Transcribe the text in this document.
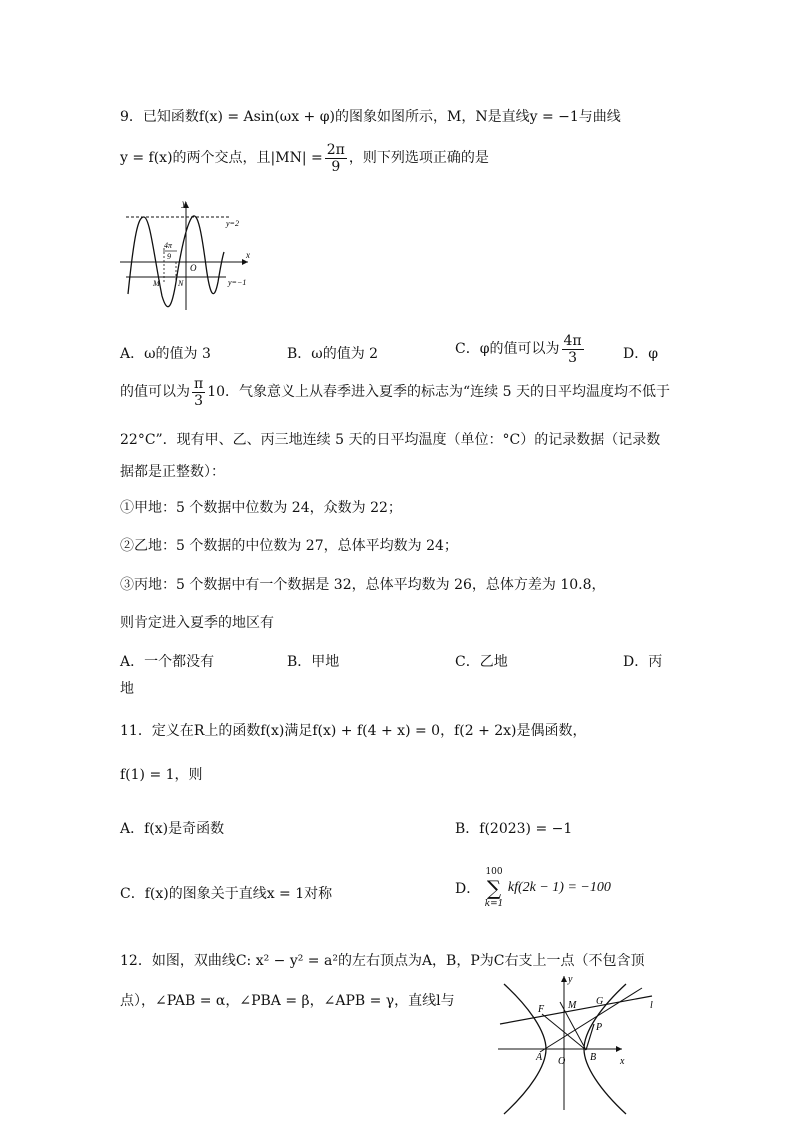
9．已知函数f(x) = Asin(ωx + φ)的图象如图所示，M，N是直线y = −1与曲线
y = f(x)的两个交点，且$|MN| = \frac{2\pi}{9}$ ，则下列选项正确的是
y
x
O
y=2
y=−1
4π
9
M N
A．ω的值为 3	B．ω的值为 2	C．φ的值可以为 $\frac{4\pi}{3}$	D．φ
的值可以为 $\frac{\pi}{3} 10$．气象意义上从春季进入夏季的标志为“连续 5 天的日平均温度均不低于
22°C”．现有甲、乙、丙三地连续 5 天的日平均温度（单位：°C）的记录数据（记录数
据都是正整数）：
①甲地：5 个数据中位数为 24，众数为 22；
②乙地：5 个数据的中位数为 27，总体平均数为 24；
③丙地：5 个数据中有一个数据是 32，总体平均数为 26，总体方差为 10.8，
则肯定进入夏季的地区有
A．一个都没有	B．甲地	C．乙地	D．丙
地
11．定义在R上的函数f(x)满足f(x) + f(4 + x) = 0，f(2 + 2x)是偶函数，
f(1) = 1，则
A．f(x)是奇函数	B．f(2023) = −1
C．f(x)的图象关于直线x = 1对称	D．
100
∑
k=1
kf(2k − 1) = −100
12．如图，双曲线C: x² − y² = a²的左右顶点为A，B，P为C右支上一点（不包含顶
点），∠PAB = α，∠PBA = β，∠APB = γ，直线l与
y
x
O
l
A	B
P
F M G
